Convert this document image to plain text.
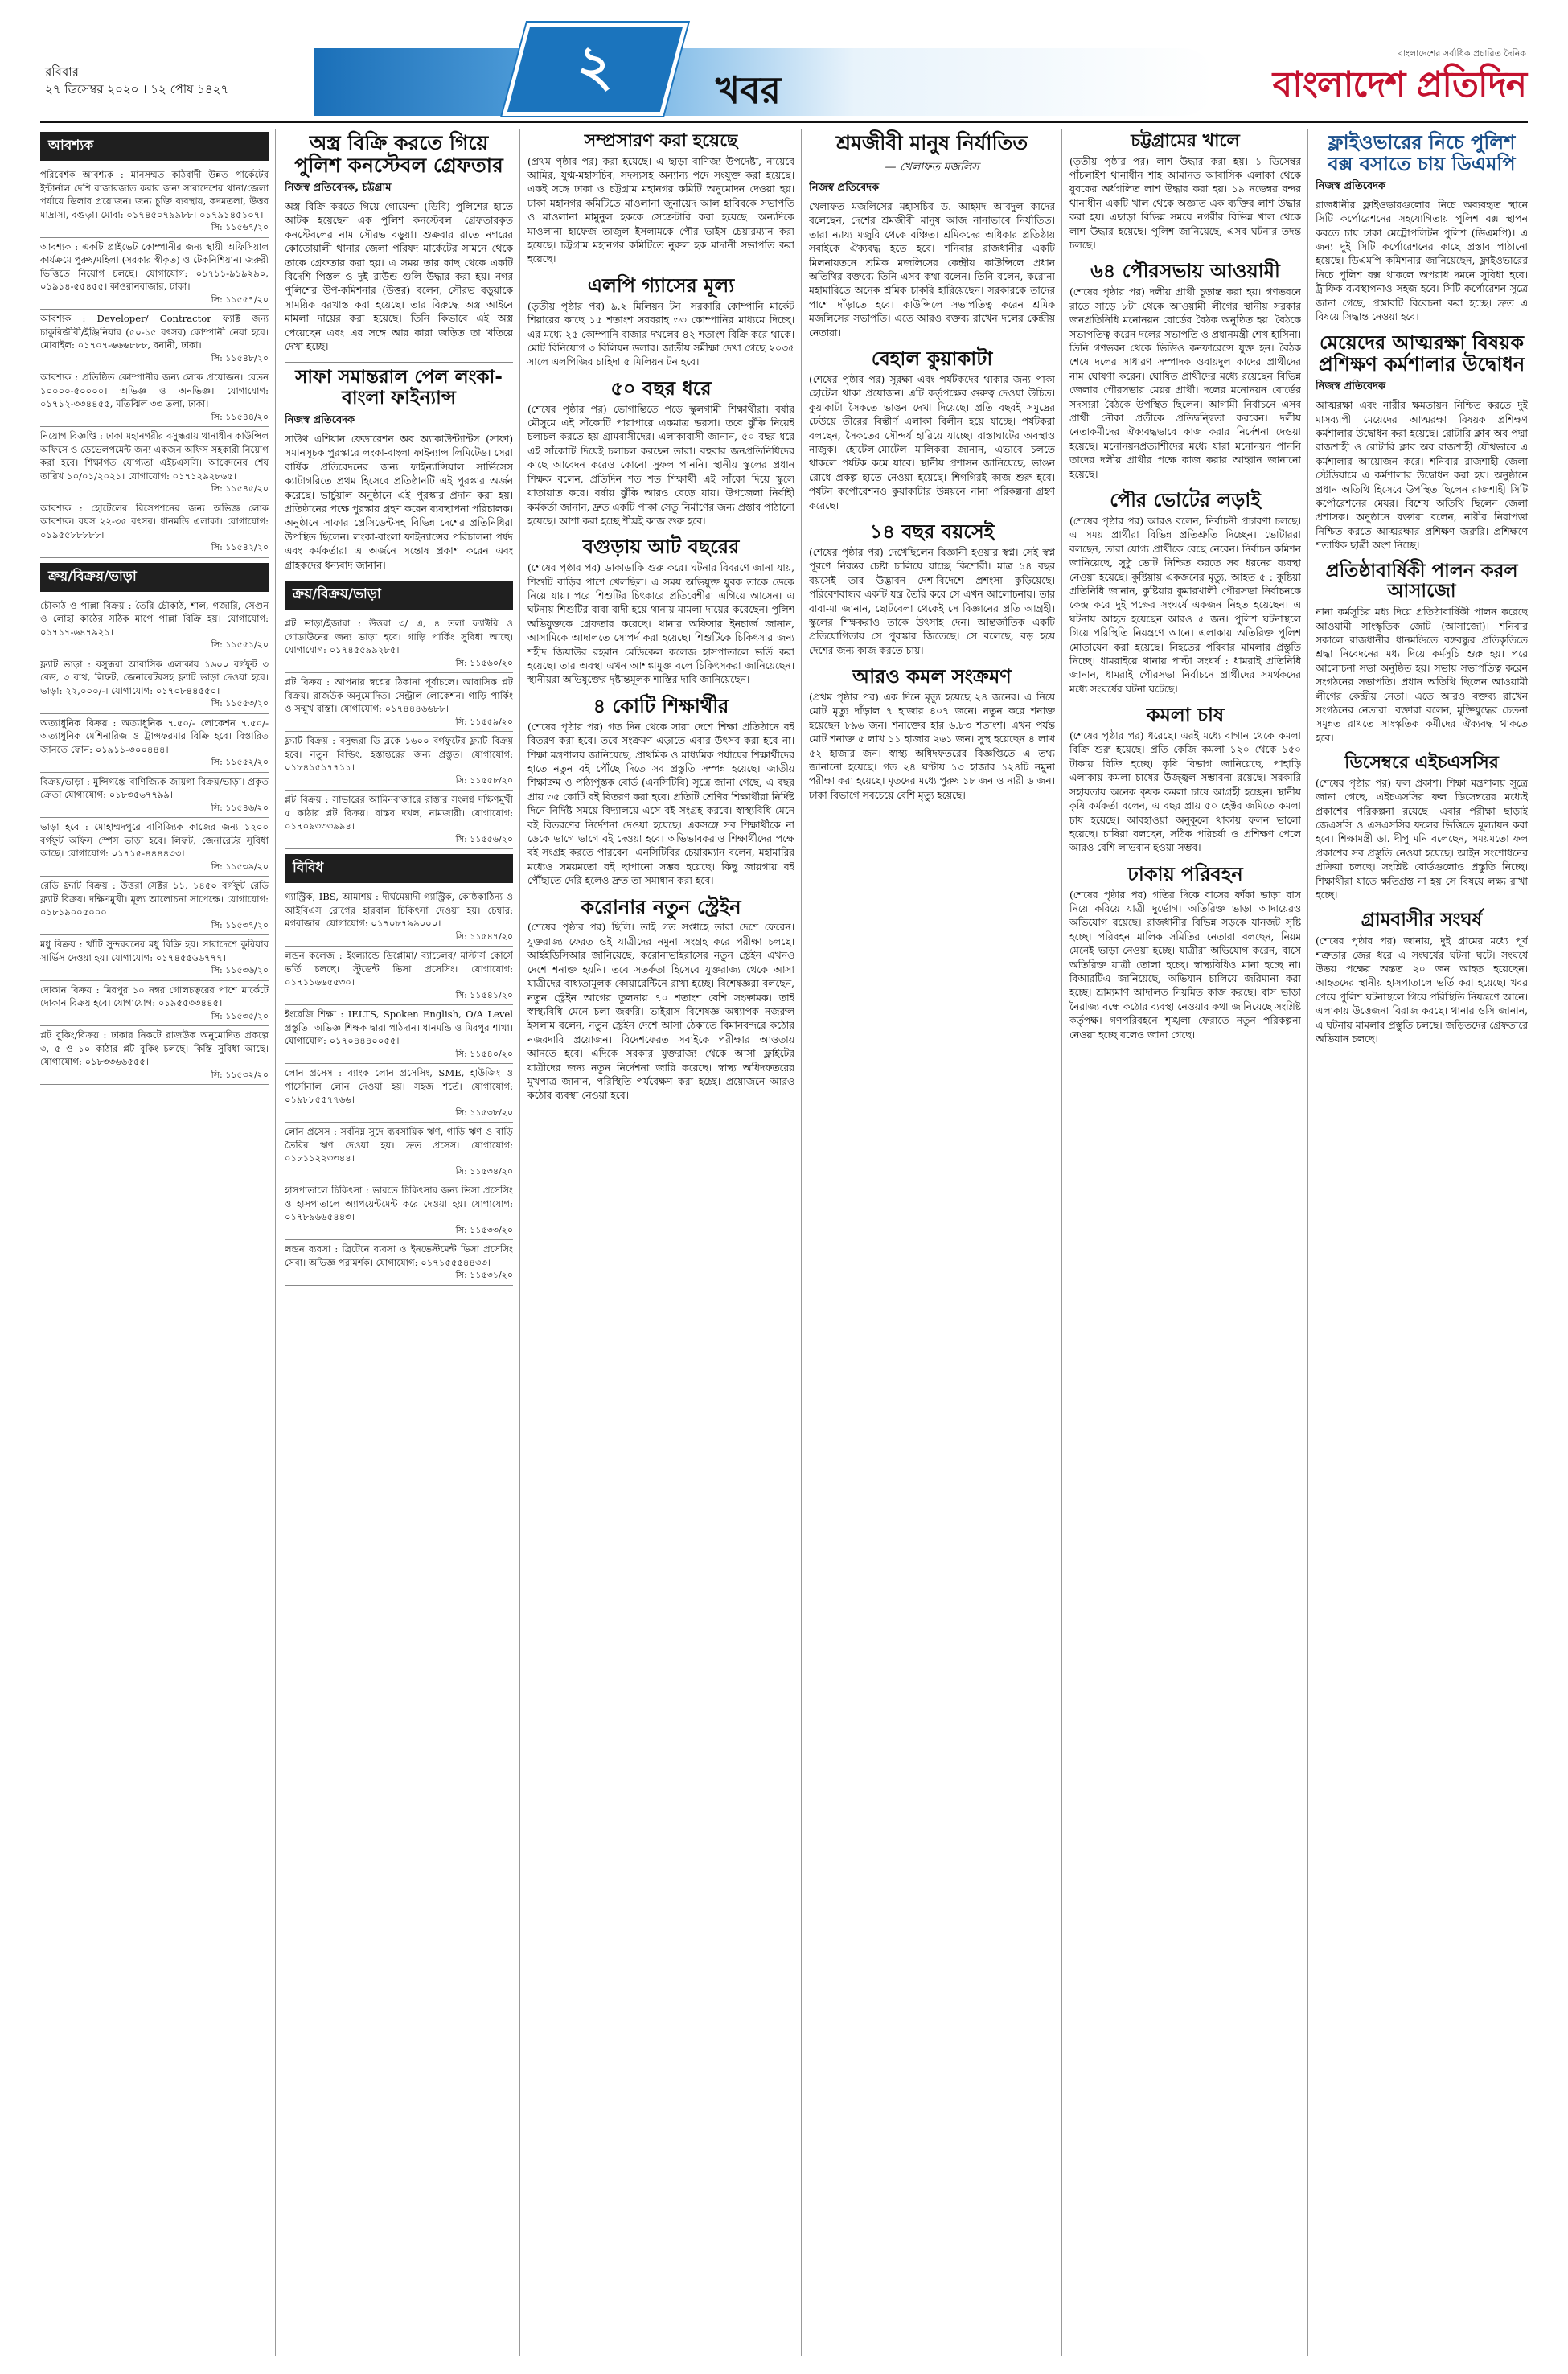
রবিবার
২৭ ডিসেম্বর ২০২০ । ১২ পৌষ ১৪২৭	২	খবর
বাংলাদেশের সর্বাধিক প্রচারিত দৈনিক
বাংলাদেশ প্রতিদিন
আবশ্যক
পরিবেশক আবশ্যক : মানসম্মত কাঠবাদী উন্নত পার্কেটের ইন্টার্নাল দেশি রাজারজাত করার জন্য সারাদেশের থানা/জেলা পর্যায়ে ডিলার প্রয়োজন। জন্য চুক্তি ব্যবস্থায়, কদমতলা, উত্তর মাদ্রাসা, বগুড়া। মোবা: ০১৭৪৫০৭৯৯৮৮। ০১৭৯১৪৫১০৭।
সি: ১১৫৬৭/২০
আবশ্যক : একটি প্রাইভেট কোম্পানীর জন্য স্থায়ী অফিসিয়াল কার্যক্রমে পুরুষ/মহিলা (সরকার স্বীকৃত) ও টেকনিশিয়ান। জরুরী ভিত্তিতে নিয়োগ চলছে। যোগাযোগ: ০১৭১১-৯১৯২৯০, ০১৯১৪-৫৫৪৫৫। কাওরানবাজার, ঢাকা।
সি: ১১৫৫৭/২০
আবশ্যক : Developer/ Contractor ফ্যাক্ট জন্য চাকুরিজীবী/ইঞ্জিনিয়ার (৫০-১৫ বৎসর) কোম্পানী নেয়া হবে। মোবাইল: ০১৭০৭-৬৬৬৮৮৮, বনানী, ঢাকা।
সি: ১১৫৪৮/২০
আবশ্যক : প্রতিষ্ঠিত কোম্পানীর জন্য লোক প্রয়োজন। বেতন ১০০০০-৫০০০০। অভিজ্ঞ ও অনভিজ্ঞ। যোগাযোগ: ০১৭১২-৩৩৪৪৫৫, মতিঝিল ৩৩ তলা, ঢাকা।
সি: ১১৫৪৪/২০
নিয়োগ বিজ্ঞপ্তি : ঢাকা মহানগরীর বসুন্ধরায় থানাধীন কাউন্সিল অফিসে ও ডেভেলপমেন্ট জন্য একজন অফিস সহকারী নিয়োগ করা হবে। শিক্ষাগত যোগ্যতা এইচএসসি। আবেদনের শেষ তারিখ ১০/০১/২০২১। যোগাযোগ: ০১৭১২৯২৮৬৫।
সি: ১১৫৪৫/২০
আবশ্যক : হোটেলের রিসেপশনের জন্য অভিজ্ঞ লোক আবশ্যক। বয়স ২২-৩৫ বৎসর। ধানমন্ডি এলাকা। যোগাযোগ: ০১৯৫৫৮৮৮৮৮।
সি: ১১৫৪২/২০
ক্রয়/বিক্রয়/ভাড়া
চৌকাঠ ও পাল্লা বিক্রয় : তৈরি চৌকাঠ, শাল, গজারি, সেগুন ও লোহা কাঠের সঠিক মাপে পাল্লা বিক্রি হয়। যোগাযোগ: ০১৭১৭-৬৪৭৯২১।
সি: ১১৫৫১/২০
ফ্ল্যাট ভাড়া : বসুন্ধরা আবাসিক এলাকায় ১৬০০ বর্গফুট ৩ বেড, ৩ বাথ, লিফট, জেনারেটরসহ ফ্ল্যাট ভাড়া দেওয়া হবে। ভাড়া: ২২,০০০/-। যোগাযোগ: ০১৭০৮৪৪৫৫০।
সি: ১১৫৫৩/২০
অত্যাধুনিক বিক্রয় : অত্যাধুনিক ৭.৫০/- লোকেশন ৭.৫০/- অত্যাধুনিক মেশিনারিজ ও ট্রান্সফরমার বিক্রি হবে। বিস্তারিত জানতে ফোন: ০১৯১১-৩০০৪৪৪।
সি: ১১৫৫২/২০
বিক্রয়/ভাড়া : মুন্সিগঞ্জে বাণিজ্যিক জায়গা বিক্রয়/ভাড়া। প্রকৃত ক্রেতা যোগাযোগ: ০১৮৩৫৬৭৭৯৯।
সি: ১১৫৪৬/২০
ভাড়া হবে : মোহাম্মদপুরে বাণিজ্যিক কাজের জন্য ১২০০ বর্গফুট অফিস স্পেস ভাড়া হবে। লিফট, জেনারেটর সুবিধা আছে। যোগাযোগ: ০১৭১৫-৪৪৪৪৩৩।
সি: ১১৫৩৯/২০
রেডি ফ্ল্যাট বিক্রয় : উত্তরা সেক্টর ১১, ১৪৫০ বর্গফুট রেডি ফ্ল্যাট বিক্রয়। দক্ষিণমুখী। মূল্য আলোচনা সাপেক্ষে। যোগাযোগ: ০১৮১৯০০৫০০০।
সি: ১১৫৩৭/২০
মধু বিক্রয় : খাঁটি সুন্দরবনের মধু বিক্রি হয়। সারাদেশে কুরিয়ার সার্ভিস দেওয়া হয়। যোগাযোগ: ০১৭৪৫৫৬৬৭৭৭।
সি: ১১৫৩৬/২০
দোকান বিক্রয় : মিরপুর ১০ নম্বর গোলচত্বরের পাশে মার্কেটে দোকান বিক্রয় হবে। যোগাযোগ: ০১৯৫৫৩৩৪৪৫।
সি: ১১৫৩৫/২০
প্লট বুকিং/বিক্রয় : ঢাকার নিকটে রাজউক অনুমোদিত প্রকল্পে ৩, ৫ ও ১০ কাঠার প্লট বুকিং চলছে। কিস্তি সুবিধা আছে। যোগাযোগ: ০১৮৩৩৬৬৫৫৫।
সি: ১১৫৩২/২০
অস্ত্র বিক্রি করতে গিয়ে পুলিশ কনস্টেবল গ্রেফতার
নিজস্ব প্রতিবেদক, চট্টগ্রাম
অস্ত্র বিক্রি করতে গিয়ে গোয়েন্দা (ডিবি) পুলিশের হাতে আটক হয়েছেন এক পুলিশ কনস্টেবল। গ্রেফতারকৃত কনস্টেবলের নাম সৌরভ বড়ুয়া। শুক্রবার রাতে নগরের কোতোয়ালী থানার জেলা পরিষদ মার্কেটের সামনে থেকে তাকে গ্রেফতার করা হয়। এ সময় তার কাছ থেকে একটি বিদেশি পিস্তল ও দুই রাউন্ড গুলি উদ্ধার করা হয়। নগর পুলিশের উপ-কমিশনার (উত্তর) বলেন, সৌরভ বড়ুয়াকে সাময়িক বরখাস্ত করা হয়েছে। তার বিরুদ্ধে অস্ত্র আইনে মামলা দায়ের করা হয়েছে। তিনি কিভাবে এই অস্ত্র পেয়েছেন এবং এর সঙ্গে আর কারা জড়িত তা খতিয়ে দেখা হচ্ছে।
সাফা সমান্তরাল পেল লংকা-বাংলা ফাইন্যান্স
নিজস্ব প্রতিবেদক
সাউথ এশিয়ান ফেডারেশন অব অ্যাকাউন্ট্যান্টস (সাফা) সমানসূচক পুরস্কারে লংকা-বাংলা ফাইন্যান্স লিমিটেড। সেরা বার্ষিক প্রতিবেদনের জন্য ফাইন্যান্সিয়াল সার্ভিসেস ক্যাটাগরিতে প্রথম হিসেবে প্রতিষ্ঠানটি এই পুরস্কার অর্জন করেছে। ভার্চুয়াল অনুষ্ঠানে এই পুরস্কার প্রদান করা হয়। প্রতিষ্ঠানের পক্ষে পুরস্কার গ্রহণ করেন ব্যবস্থাপনা পরিচালক। অনুষ্ঠানে সাফার প্রেসিডেন্টসহ বিভিন্ন দেশের প্রতিনিধিরা উপস্থিত ছিলেন। লংকা-বাংলা ফাইন্যান্সের পরিচালনা পর্ষদ এবং কর্মকর্তারা এ অর্জনে সন্তোষ প্রকাশ করেন এবং গ্রাহকদের ধন্যবাদ জানান।
ক্রয়/বিক্রয়/ভাড়া
প্লট ভাড়া/ইজারা : উত্তরা ৩/ এ, ৪ তলা ফ্যাক্টরি ও গোডাউনের জন্য ভাড়া হবে। গাড়ি পার্কিং সুবিধা আছে। যোগাযোগ: ০১৭৪৫৫৯৯২৮৫।
সি: ১১৫৬০/২০
প্লট বিক্রয় : আপনার স্বপ্নের ঠিকানা পূর্বাচলে। আবাসিক প্লট বিক্রয়। রাজউক অনুমোদিত। সেন্ট্রাল লোকেশন। গাড়ি পার্কিং ও সম্মুখ রাস্তা। যোগাযোগ: ০১৭৪৪৪৬৬৮৮।
সি: ১১৫৫৯/২০
ফ্ল্যাট বিক্রয় : বসুন্ধরা ডি ব্লকে ১৬০০ বর্গফুটের ফ্ল্যাট বিক্রয় হবে। নতুন বিল্ডিং, হস্তান্তরের জন্য প্রস্তুত। যোগাযোগ: ০১৮৪১৫১৭৭১১।
সি: ১১৫৫৮/২০
প্লট বিক্রয় : সাভারের আমিনবাজারে রাস্তার সংলগ্ন দক্ষিণমুখী ৫ কাঠার প্লট বিক্রয়। বাস্তব দখল, নামজারী। যোগাযোগ: ০১৭০৯৩৩৩৯৯৪।
সি: ১১৫৫৬/২০
বিবিধ
গ্যাস্ট্রিক, IBS, আমাশয় : দীর্ঘমেয়াদী গ্যাস্ট্রিক, কোষ্ঠকাঠিন্য ও আইবিএস রোগের হারবাল চিকিৎসা দেওয়া হয়। চেম্বার: মগবাজার। যোগাযোগ: ০১৭০৮৭৯৯০০০।
সি: ১১৫৪৭/২০
লন্ডন কলেজ : ইংল্যান্ডে ডিপ্লোমা/ ব্যাচেলর/ মাস্টার্স কোর্সে ভর্তি চলছে। স্টুডেন্ট ভিসা প্রসেসিং। যোগাযোগ: ০১৭১১৬৬৫৫৩০।
সি: ১১৫৪১/২০
ইংরেজি শিক্ষা : IELTS, Spoken English, O/A Level প্রস্তুতি। অভিজ্ঞ শিক্ষক দ্বারা পাঠদান। ধানমন্ডি ও মিরপুর শাখা। যোগাযোগ: ০১৭০৪৪৪০০৫৫।
সি: ১১৫৪০/২০
লোন প্রসেস : ব্যাংক লোন প্রসেসিং, SME, হাউজিং ও পার্সোনাল লোন দেওয়া হয়। সহজ শর্তে। যোগাযোগ: ০১৯৮৮৫৫৭৭৬৬।
সি: ১১৫৩৮/২০
লোন প্রসেস : সর্বনিম্ন সুদে ব্যবসায়িক ঋণ, গাড়ি ঋণ ও বাড়ি তৈরির ঋণ দেওয়া হয়। দ্রুত প্রসেস। যোগাযোগ: ০১৮১১২২৩৩৪৪।
সি: ১১৫৩৪/২০
হাসপাতালে চিকিৎসা : ভারতে চিকিৎসার জন্য ভিসা প্রসেসিং ও হাসপাতালে অ্যাপয়েন্টমেন্ট করে দেওয়া হয়। যোগাযোগ: ০১৭৮৯৬৬৫৪৪৩।
সি: ১১৫৩৩/২০
লন্ডন ব্যবসা : ব্রিটেনে ব্যবসা ও ইনভেস্টমেন্ট ভিসা প্রসেসিং সেবা। অভিজ্ঞ পরামর্শক। যোগাযোগ: ০১৭১৫৫৫৪৪৩৩।
সি: ১১৫৩১/২০
সম্প্রসারণ করা হয়েছে
(প্রথম পৃষ্ঠার পর) করা হয়েছে। এ ছাড়া বাণিজ্য উপদেষ্টা, নায়েবে আমির, যুগ্ম-মহাসচিব, সদস্যসহ অন্যান্য পদে সংযুক্ত করা হয়েছে। একই সঙ্গে ঢাকা ও চট্টগ্রাম মহানগর কমিটি অনুমোদন দেওয়া হয়। ঢাকা মহানগর কমিটিতে মাওলানা জুনায়েদ আল হাবিবকে সভাপতি ও মাওলানা মামুনুল হককে সেক্রেটারি করা হয়েছে। অন্যদিকে মাওলানা হাফেজ তাজুল ইসলামকে পৌর ভাইস চেয়ারম্যান করা হয়েছে। চট্টগ্রাম মহানগর কমিটিতে নুরুল হক মাদানী সভাপতি করা হয়েছে।
এলপি গ্যাসের মূল্য
(তৃতীয় পৃষ্ঠার পর) ৯.২ মিলিয়ন টন। সরকারি কোম্পানি মার্কেট শিয়ারের কাছে ১৫ শতাংশ সরবরাহ ৩৩ কোম্পানির মাধ্যমে দিচ্ছে। এর মধ্যে ২৫ কোম্পানি বাজার দখলের ৪২ শতাংশ বিক্রি করে থাকে। মোট বিনিয়োগ ৩ বিলিয়ন ডলার। জাতীয় সমীক্ষা দেখা গেছে ২০৩৫ সালে এলপিজির চাহিদা ৫ মিলিয়ন টন হবে।
৫০ বছর ধরে
(শেষের পৃষ্ঠার পর) ভোগান্তিতে পড়ে স্কুলগামী শিক্ষার্থীরা। বর্ষার মৌসুমে এই সাঁকোটি পারাপারে একমাত্র ভরসা। তবে ঝুঁকি নিয়েই চলাচল করতে হয় গ্রামবাসীদের। এলাকাবাসী জানান, ৫০ বছর ধরে এই সাঁকোটি দিয়েই চলাচল করছেন তারা। বহুবার জনপ্রতিনিধিদের কাছে আবেদন করেও কোনো সুফল পাননি। স্থানীয় স্কুলের প্রধান শিক্ষক বলেন, প্রতিদিন শত শত শিক্ষার্থী এই সাঁকো দিয়ে স্কুলে যাতায়াত করে। বর্ষায় ঝুঁকি আরও বেড়ে যায়। উপজেলা নির্বাহী কর্মকর্তা জানান, দ্রুত একটি পাকা সেতু নির্মাণের জন্য প্রস্তাব পাঠানো হয়েছে। আশা করা হচ্ছে শীঘ্রই কাজ শুরু হবে।
বগুড়ায় আট বছরের
(শেষের পৃষ্ঠার পর) ডাকাডাকি শুরু করে। ঘটনার বিবরণে জানা যায়, শিশুটি বাড়ির পাশে খেলছিল। এ সময় অভিযুক্ত যুবক তাকে ডেকে নিয়ে যায়। পরে শিশুটির চিৎকারে প্রতিবেশীরা এগিয়ে আসেন। এ ঘটনায় শিশুটির বাবা বাদী হয়ে থানায় মামলা দায়ের করেছেন। পুলিশ অভিযুক্তকে গ্রেফতার করেছে। থানার অফিসার ইনচার্জ জানান, আসামিকে আদালতে সোপর্দ করা হয়েছে। শিশুটিকে চিকিৎসার জন্য শহীদ জিয়াউর রহমান মেডিকেল কলেজ হাসপাতালে ভর্তি করা হয়েছে। তার অবস্থা এখন আশঙ্কামুক্ত বলে চিকিৎসকরা জানিয়েছেন। স্থানীয়রা অভিযুক্তের দৃষ্টান্তমূলক শাস্তির দাবি জানিয়েছেন।
৪ কোটি শিক্ষার্থীর
(শেষের পৃষ্ঠার পর) গত দিন থেকে সারা দেশে শিক্ষা প্রতিষ্ঠানে বই বিতরণ করা হবে। তবে সংক্রমণ এড়াতে এবার উৎসব করা হবে না। শিক্ষা মন্ত্রণালয় জানিয়েছে, প্রাথমিক ও মাধ্যমিক পর্যায়ের শিক্ষার্থীদের হাতে নতুন বই পৌঁছে দিতে সব প্রস্তুতি সম্পন্ন হয়েছে। জাতীয় শিক্ষাক্রম ও পাঠ্যপুস্তক বোর্ড (এনসিটিবি) সূত্রে জানা গেছে, এ বছর প্রায় ৩৫ কোটি বই বিতরণ করা হবে। প্রতিটি শ্রেণির শিক্ষার্থীরা নির্দিষ্ট দিনে নির্দিষ্ট সময়ে বিদ্যালয়ে এসে বই সংগ্রহ করবে। স্বাস্থ্যবিধি মেনে বই বিতরণের নির্দেশনা দেওয়া হয়েছে। একসঙ্গে সব শিক্ষার্থীকে না ডেকে ভাগে ভাগে বই দেওয়া হবে। অভিভাবকরাও শিক্ষার্থীদের পক্ষে বই সংগ্রহ করতে পারবেন। এনসিটিবির চেয়ারম্যান বলেন, মহামারির মধ্যেও সময়মতো বই ছাপানো সম্ভব হয়েছে। কিছু জায়গায় বই পৌঁছাতে দেরি হলেও দ্রুত তা সমাধান করা হবে।
করোনার নতুন স্ট্রেইন
(শেষের পৃষ্ঠার পর) ছিলি। তাই গত সপ্তাহে তারা দেশে ফেরেন। যুক্তরাজ্য ফেরত ওই যাত্রীদের নমুনা সংগ্রহ করে পরীক্ষা চলছে। আইইডিসিআর জানিয়েছে, করোনাভাইরাসের নতুন স্ট্রেইন এখনও দেশে শনাক্ত হয়নি। তবে সতর্কতা হিসেবে যুক্তরাজ্য থেকে আসা যাত্রীদের বাধ্যতামূলক কোয়ারেন্টিনে রাখা হচ্ছে। বিশেষজ্ঞরা বলছেন, নতুন স্ট্রেইন আগের তুলনায় ৭০ শতাংশ বেশি সংক্রামক। তাই স্বাস্থ্যবিধি মেনে চলা জরুরি। ভাইরাস বিশেষজ্ঞ অধ্যাপক নজরুল ইসলাম বলেন, নতুন স্ট্রেইন দেশে আসা ঠেকাতে বিমানবন্দরে কঠোর নজরদারি প্রয়োজন। বিদেশফেরত সবাইকে পরীক্ষার আওতায় আনতে হবে। এদিকে সরকার যুক্তরাজ্য থেকে আসা ফ্লাইটের যাত্রীদের জন্য নতুন নির্দেশনা জারি করেছে। স্বাস্থ্য অধিদফতরের মুখপাত্র জানান, পরিস্থিতি পর্যবেক্ষণ করা হচ্ছে। প্রয়োজনে আরও কঠোর ব্যবস্থা নেওয়া হবে।
শ্রমজীবী মানুষ নির্যাতিত
— খেলাফত মজলিস
নিজস্ব প্রতিবেদক
খেলাফত মজলিসের মহাসচিব ড. আহমদ আবদুল কাদের বলেছেন, দেশের শ্রমজীবী মানুষ আজ নানাভাবে নির্যাতিত। তারা ন্যায্য মজুরি থেকে বঞ্চিত। শ্রমিকদের অধিকার প্রতিষ্ঠায় সবাইকে ঐক্যবদ্ধ হতে হবে। শনিবার রাজধানীর একটি মিলনায়তনে শ্রমিক মজলিসের কেন্দ্রীয় কাউন্সিলে প্রধান অতিথির বক্তব্যে তিনি এসব কথা বলেন। তিনি বলেন, করোনা মহামারিতে অনেক শ্রমিক চাকরি হারিয়েছেন। সরকারকে তাদের পাশে দাঁড়াতে হবে। কাউন্সিলে সভাপতিত্ব করেন শ্রমিক মজলিসের সভাপতি। এতে আরও বক্তব্য রাখেন দলের কেন্দ্রীয় নেতারা।
বেহাল কুয়াকাটা
(শেষের পৃষ্ঠার পর) সুরক্ষা এবং পর্যটকদের থাকার জন্য পাকা হোটেল থাকা প্রয়োজন। এটি কর্তৃপক্ষের গুরুত্ব দেওয়া উচিত। কুয়াকাটা সৈকতে ভাঙন দেখা দিয়েছে। প্রতি বছরই সমুদ্রের ঢেউয়ে তীরের বিস্তীর্ণ এলাকা বিলীন হয়ে যাচ্ছে। পর্যটকরা বলছেন, সৈকতের সৌন্দর্য হারিয়ে যাচ্ছে। রাস্তাঘাটের অবস্থাও নাজুক। হোটেল-মোটেল মালিকরা জানান, এভাবে চলতে থাকলে পর্যটক কমে যাবে। স্থানীয় প্রশাসন জানিয়েছে, ভাঙন রোধে প্রকল্প হাতে নেওয়া হয়েছে। শিগগিরই কাজ শুরু হবে। পর্যটন কর্পোরেশনও কুয়াকাটার উন্নয়নে নানা পরিকল্পনা গ্রহণ করেছে।
১৪ বছর বয়সেই
(শেষের পৃষ্ঠার পর) দেখেছিলেন বিজ্ঞানী হওয়ার স্বপ্ন। সেই স্বপ্ন পূরণে নিরন্তর চেষ্টা চালিয়ে যাচ্ছে কিশোরী। মাত্র ১৪ বছর বয়সেই তার উদ্ভাবন দেশ-বিদেশে প্রশংসা কুড়িয়েছে। পরিবেশবান্ধব একটি যন্ত্র তৈরি করে সে এখন আলোচনায়। তার বাবা-মা জানান, ছোটবেলা থেকেই সে বিজ্ঞানের প্রতি আগ্রহী। স্কুলের শিক্ষকরাও তাকে উৎসাহ দেন। আন্তর্জাতিক একটি প্রতিযোগিতায় সে পুরস্কার জিতেছে। সে বলেছে, বড় হয়ে দেশের জন্য কাজ করতে চায়।
আরও কমল সংক্রমণ
(প্রথম পৃষ্ঠার পর) এক দিনে মৃত্যু হয়েছে ২৪ জনের। এ নিয়ে মোট মৃত্যু দাঁড়াল ৭ হাজার ৪০৭ জনে। নতুন করে শনাক্ত হয়েছেন ৮৯৬ জন। শনাক্তের হার ৬.৮৩ শতাংশ। এখন পর্যন্ত মোট শনাক্ত ৫ লাখ ১১ হাজার ২৬১ জন। সুস্থ হয়েছেন ৪ লাখ ৫২ হাজার জন। স্বাস্থ্য অধিদফতরের বিজ্ঞপ্তিতে এ তথ্য জানানো হয়েছে। গত ২৪ ঘণ্টায় ১৩ হাজার ১২৪টি নমুনা পরীক্ষা করা হয়েছে। মৃতদের মধ্যে পুরুষ ১৮ জন ও নারী ৬ জন। ঢাকা বিভাগে সবচেয়ে বেশি মৃত্যু হয়েছে।
চট্টগ্রামের খালে
(তৃতীয় পৃষ্ঠার পর) লাশ উদ্ধার করা হয়। ১ ডিসেম্বর পাঁচলাইশ থানাধীন শাহ আমানত আবাসিক এলাকা থেকে যুবকের অর্ধগলিত লাশ উদ্ধার করা হয়। ১৯ নভেম্বর বন্দর থানাধীন একটি খাল থেকে অজ্ঞাত এক ব্যক্তির লাশ উদ্ধার করা হয়। এছাড়া বিভিন্ন সময়ে নগরীর বিভিন্ন খাল থেকে লাশ উদ্ধার হয়েছে। পুলিশ জানিয়েছে, এসব ঘটনার তদন্ত চলছে।
৬৪ পৌরসভায় আওয়ামী
(শেষের পৃষ্ঠার পর) দলীয় প্রার্থী চূড়ান্ত করা হয়। গণভবনে রাতে সাড়ে ৮টা থেকে আওয়ামী লীগের স্থানীয় সরকার জনপ্রতিনিধি মনোনয়ন বোর্ডের বৈঠক অনুষ্ঠিত হয়। বৈঠকে সভাপতিত্ব করেন দলের সভাপতি ও প্রধানমন্ত্রী শেখ হাসিনা। তিনি গণভবন থেকে ভিডিও কনফারেন্সে যুক্ত হন। বৈঠক শেষে দলের সাধারণ সম্পাদক ওবায়দুল কাদের প্রার্থীদের নাম ঘোষণা করেন। ঘোষিত প্রার্থীদের মধ্যে রয়েছেন বিভিন্ন জেলার পৌরসভার মেয়র প্রার্থী। দলের মনোনয়ন বোর্ডের সদস্যরা বৈঠকে উপস্থিত ছিলেন। আগামী নির্বাচনে এসব প্রার্থী নৌকা প্রতীকে প্রতিদ্বন্দ্বিতা করবেন। দলীয় নেতাকর্মীদের ঐক্যবদ্ধভাবে কাজ করার নির্দেশনা দেওয়া হয়েছে। মনোনয়নপ্রত্যাশীদের মধ্যে যারা মনোনয়ন পাননি তাদের দলীয় প্রার্থীর পক্ষে কাজ করার আহ্বান জানানো হয়েছে।
পৌর ভোটের লড়াই
(শেষের পৃষ্ঠার পর) আরও বলেন, নির্বাচনী প্রচারণা চলছে। এ সময় প্রার্থীরা বিভিন্ন প্রতিশ্রুতি দিচ্ছেন। ভোটাররা বলছেন, তারা যোগ্য প্রার্থীকে বেছে নেবেন। নির্বাচন কমিশন জানিয়েছে, সুষ্ঠু ভোট নিশ্চিত করতে সব ধরনের ব্যবস্থা নেওয়া হয়েছে। কুষ্টিয়ায় একজনের মৃত্যু, আহত ৫ : কুষ্টিয়া প্রতিনিধি জানান, কুষ্টিয়ার কুমারখালী পৌরসভা নির্বাচনকে কেন্দ্র করে দুই পক্ষের সংঘর্ষে একজন নিহত হয়েছেন। এ ঘটনায় আহত হয়েছেন আরও ৫ জন। পুলিশ ঘটনাস্থলে গিয়ে পরিস্থিতি নিয়ন্ত্রণে আনে। এলাকায় অতিরিক্ত পুলিশ মোতায়েন করা হয়েছে। নিহতের পরিবার মামলার প্রস্তুতি নিচ্ছে। ধামরাইয়ে থানায় পাল্টা সংঘর্ষ : ধামরাই প্রতিনিধি জানান, ধামরাই পৌরসভা নির্বাচনে প্রার্থীদের সমর্থকদের মধ্যে সংঘর্ষের ঘটনা ঘটেছে।
কমলা চাষ
(শেষের পৃষ্ঠার পর) ধরেছে। এরই মধ্যে বাগান থেকে কমলা বিক্রি শুরু হয়েছে। প্রতি কেজি কমলা ১২০ থেকে ১৫০ টাকায় বিক্রি হচ্ছে। কৃষি বিভাগ জানিয়েছে, পাহাড়ি এলাকায় কমলা চাষের উজ্জ্বল সম্ভাবনা রয়েছে। সরকারি সহায়তায় অনেক কৃষক কমলা চাষে আগ্রহী হচ্ছেন। স্থানীয় কৃষি কর্মকর্তা বলেন, এ বছর প্রায় ৫০ হেক্টর জমিতে কমলা চাষ হয়েছে। আবহাওয়া অনুকূলে থাকায় ফলন ভালো হয়েছে। চাষিরা বলছেন, সঠিক পরিচর্যা ও প্রশিক্ষণ পেলে আরও বেশি লাভবান হওয়া সম্ভব।
ঢাকায় পরিবহন
(শেষের পৃষ্ঠার পর) গতির দিকে বাসের ফাঁকা ভাড়া বাস নিয়ে করিয়ে যাত্রী দুর্ভোগ। অতিরিক্ত ভাড়া আদায়েরও অভিযোগ রয়েছে। রাজধানীর বিভিন্ন সড়কে যানজট সৃষ্টি হচ্ছে। পরিবহন মালিক সমিতির নেতারা বলছেন, নিয়ম মেনেই ভাড়া নেওয়া হচ্ছে। যাত্রীরা অভিযোগ করেন, বাসে অতিরিক্ত যাত্রী তোলা হচ্ছে। স্বাস্থ্যবিধিও মানা হচ্ছে না। বিআরটিএ জানিয়েছে, অভিযান চালিয়ে জরিমানা করা হচ্ছে। ভ্রাম্যমাণ আদালত নিয়মিত কাজ করছে। বাস ভাড়া নৈরাজ্য বন্ধে কঠোর ব্যবস্থা নেওয়ার কথা জানিয়েছে সংশ্লিষ্ট কর্তৃপক্ষ। গণপরিবহনে শৃঙ্খলা ফেরাতে নতুন পরিকল্পনা নেওয়া হচ্ছে বলেও জানা গেছে।
ফ্লাইওভারের নিচে পুলিশ বক্স বসাতে চায় ডিএমপি
নিজস্ব প্রতিবেদক
রাজধানীর ফ্লাইওভারগুলোর নিচে অব্যবহৃত স্থানে সিটি কর্পোরেশনের সহযোগিতায় পুলিশ বক্স স্থাপন করতে চায় ঢাকা মেট্রোপলিটন পুলিশ (ডিএমপি)। এ জন্য দুই সিটি কর্পোরেশনের কাছে প্রস্তাব পাঠানো হয়েছে। ডিএমপি কমিশনার জানিয়েছেন, ফ্লাইওভারের নিচে পুলিশ বক্স থাকলে অপরাধ দমনে সুবিধা হবে। ট্রাফিক ব্যবস্থাপনাও সহজ হবে। সিটি কর্পোরেশন সূত্রে জানা গেছে, প্রস্তাবটি বিবেচনা করা হচ্ছে। দ্রুত এ বিষয়ে সিদ্ধান্ত নেওয়া হবে।
মেয়েদের আত্মরক্ষা বিষয়ক প্রশিক্ষণ কর্মশালার উদ্বোধন
নিজস্ব প্রতিবেদক
আত্মরক্ষা এবং নারীর ক্ষমতায়ন নিশ্চিত করতে দুই মাসব্যাপী মেয়েদের আত্মরক্ষা বিষয়ক প্রশিক্ষণ কর্মশালার উদ্বোধন করা হয়েছে। রোটারি ক্লাব অব পদ্মা রাজশাহী ও রোটারি ক্লাব অব রাজশাহী যৌথভাবে এ কর্মশালার আয়োজন করে। শনিবার রাজশাহী জেলা স্টেডিয়ামে এ কর্মশালার উদ্বোধন করা হয়। অনুষ্ঠানে প্রধান অতিথি হিসেবে উপস্থিত ছিলেন রাজশাহী সিটি কর্পোরেশনের মেয়র। বিশেষ অতিথি ছিলেন জেলা প্রশাসক। অনুষ্ঠানে বক্তারা বলেন, নারীর নিরাপত্তা নিশ্চিত করতে আত্মরক্ষার প্রশিক্ষণ জরুরি। প্রশিক্ষণে শতাধিক ছাত্রী অংশ নিচ্ছে।
প্রতিষ্ঠাবার্ষিকী পালন করল আসাজো
নানা কর্মসূচির মধ্য দিয়ে প্রতিষ্ঠাবার্ষিকী পালন করেছে আওয়ামী সাংস্কৃতিক জোট (আসাজো)। শনিবার সকালে রাজধানীর ধানমন্ডিতে বঙ্গবন্ধুর প্রতিকৃতিতে শ্রদ্ধা নিবেদনের মধ্য দিয়ে কর্মসূচি শুরু হয়। পরে আলোচনা সভা অনুষ্ঠিত হয়। সভায় সভাপতিত্ব করেন সংগঠনের সভাপতি। প্রধান অতিথি ছিলেন আওয়ামী লীগের কেন্দ্রীয় নেতা। এতে আরও বক্তব্য রাখেন সংগঠনের নেতারা। বক্তারা বলেন, মুক্তিযুদ্ধের চেতনা সমুন্নত রাখতে সাংস্কৃতিক কর্মীদের ঐক্যবদ্ধ থাকতে হবে।
ডিসেম্বরে এইচএসসির
(শেষের পৃষ্ঠার পর) ফল প্রকাশ। শিক্ষা মন্ত্রণালয় সূত্রে জানা গেছে, এইচএসসির ফল ডিসেম্বরের মধ্যেই প্রকাশের পরিকল্পনা রয়েছে। এবার পরীক্ষা ছাড়াই জেএসসি ও এসএসসির ফলের ভিত্তিতে মূল্যায়ন করা হবে। শিক্ষামন্ত্রী ডা. দীপু মনি বলেছেন, সময়মতো ফল প্রকাশের সব প্রস্তুতি নেওয়া হয়েছে। আইন সংশোধনের প্রক্রিয়া চলছে। সংশ্লিষ্ট বোর্ডগুলোও প্রস্তুতি নিচ্ছে। শিক্ষার্থীরা যাতে ক্ষতিগ্রস্ত না হয় সে বিষয়ে লক্ষ্য রাখা হচ্ছে।
গ্রামবাসীর সংঘর্ষ
(শেষের পৃষ্ঠার পর) জানায়, দুই গ্রামের মধ্যে পূর্ব শত্রুতার জের ধরে এ সংঘর্ষের ঘটনা ঘটে। সংঘর্ষে উভয় পক্ষের অন্তত ২০ জন আহত হয়েছেন। আহতদের স্থানীয় হাসপাতালে ভর্তি করা হয়েছে। খবর পেয়ে পুলিশ ঘটনাস্থলে গিয়ে পরিস্থিতি নিয়ন্ত্রণে আনে। এলাকায় উত্তেজনা বিরাজ করছে। থানার ওসি জানান, এ ঘটনায় মামলার প্রস্তুতি চলছে। জড়িতদের গ্রেফতারে অভিযান চলছে।
